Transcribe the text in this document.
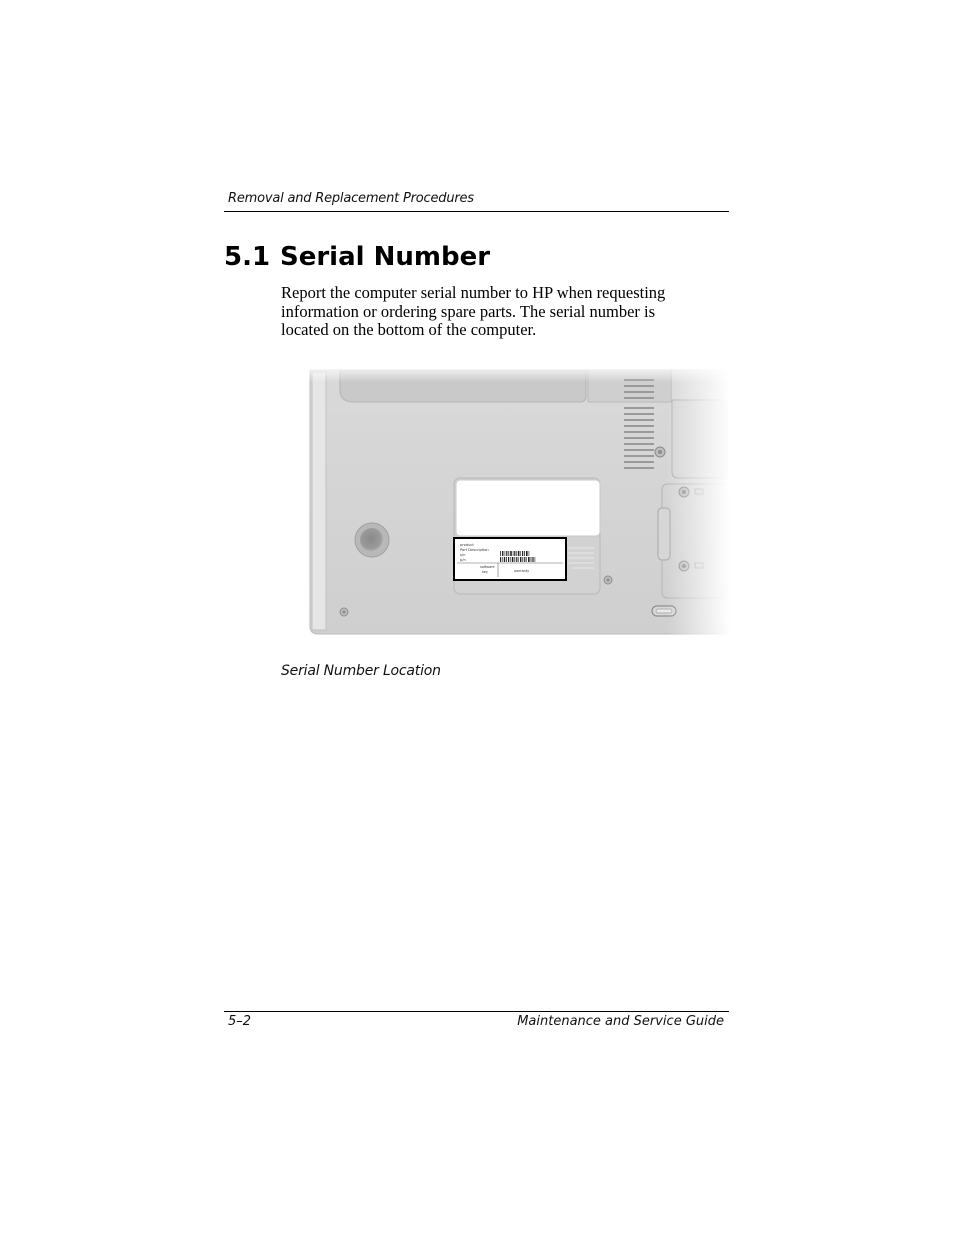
Removal and Replacement Procedures
5.1 Serial Number

Report the computer serial number to HP when requesting information or ordering spare parts. The serial number is located on the bottom of the computer.

Serial Number Location
5–2	Maintenance and Service Guide
